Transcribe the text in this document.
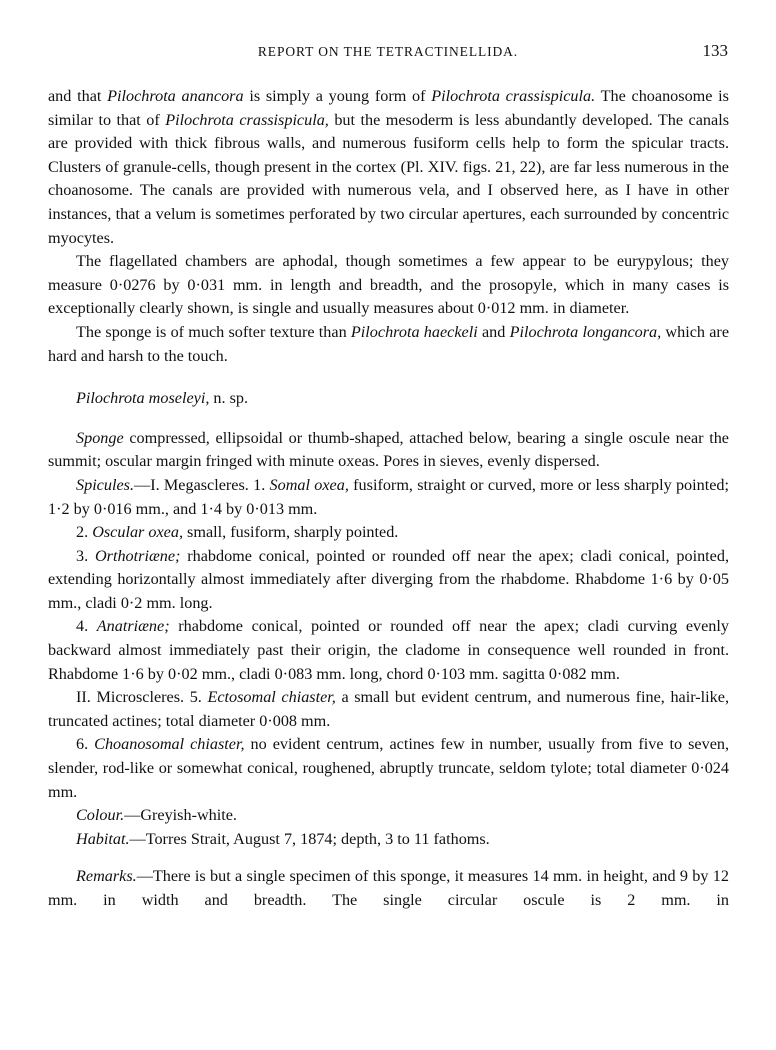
REPORT ON THE TETRACTINELLIDA.	133

and that Pilochrota anancora is simply a young form of Pilochrota crassispicula. The choanosome is similar to that of Pilochrota crassispicula, but the mesoderm is less abundantly developed. The canals are provided with thick fibrous walls, and numerous fusiform cells help to form the spicular tracts. Clusters of granule-cells, though present in the cortex (Pl. XIV. figs. 21, 22), are far less numerous in the choanosome. The canals are provided with numerous vela, and I observed here, as I have in other instances, that a velum is sometimes perforated by two circular apertures, each surrounded by concentric myocytes.

The flagellated chambers are aphodal, though sometimes a few appear to be eurypylous; they measure 0·0276 by 0·031 mm. in length and breadth, and the prosopyle, which in many cases is exceptionally clearly shown, is single and usually measures about 0·012 mm. in diameter.

The sponge is of much softer texture than Pilochrota haeckeli and Pilochrota longancora, which are hard and harsh to the touch.

Pilochrota moseleyi, n. sp.

Sponge compressed, ellipsoidal or thumb-shaped, attached below, bearing a single oscule near the summit; oscular margin fringed with minute oxeas. Pores in sieves, evenly dispersed.

Spicules.—I. Megascleres. 1. Somal oxea, fusiform, straight or curved, more or less sharply pointed; 1·2 by 0·016 mm., and 1·4 by 0·013 mm.

2. Oscular oxea, small, fusiform, sharply pointed.

3. Orthotriæne; rhabdome conical, pointed or rounded off near the apex; cladi conical, pointed, extending horizontally almost immediately after diverging from the rhabdome. Rhabdome 1·6 by 0·05 mm., cladi 0·2 mm. long.

4. Anatriæne; rhabdome conical, pointed or rounded off near the apex; cladi curving evenly backward almost immediately past their origin, the cladome in consequence well rounded in front. Rhabdome 1·6 by 0·02 mm., cladi 0·083 mm. long, chord 0·103 mm. sagitta 0·082 mm.

II. Microscleres. 5. Ectosomal chiaster, a small but evident centrum, and numerous fine, hair-like, truncated actines; total diameter 0·008 mm.

6. Choanosomal chiaster, no evident centrum, actines few in number, usually from five to seven, slender, rod-like or somewhat conical, roughened, abruptly truncate, seldom tylote; total diameter 0·024 mm.

Colour.—Greyish-white.

Habitat.—Torres Strait, August 7, 1874; depth, 3 to 11 fathoms.

Remarks.—There is but a single specimen of this sponge, it measures 14 mm. in height, and 9 by 12 mm. in width and breadth. The single circular oscule is 2 mm. in
